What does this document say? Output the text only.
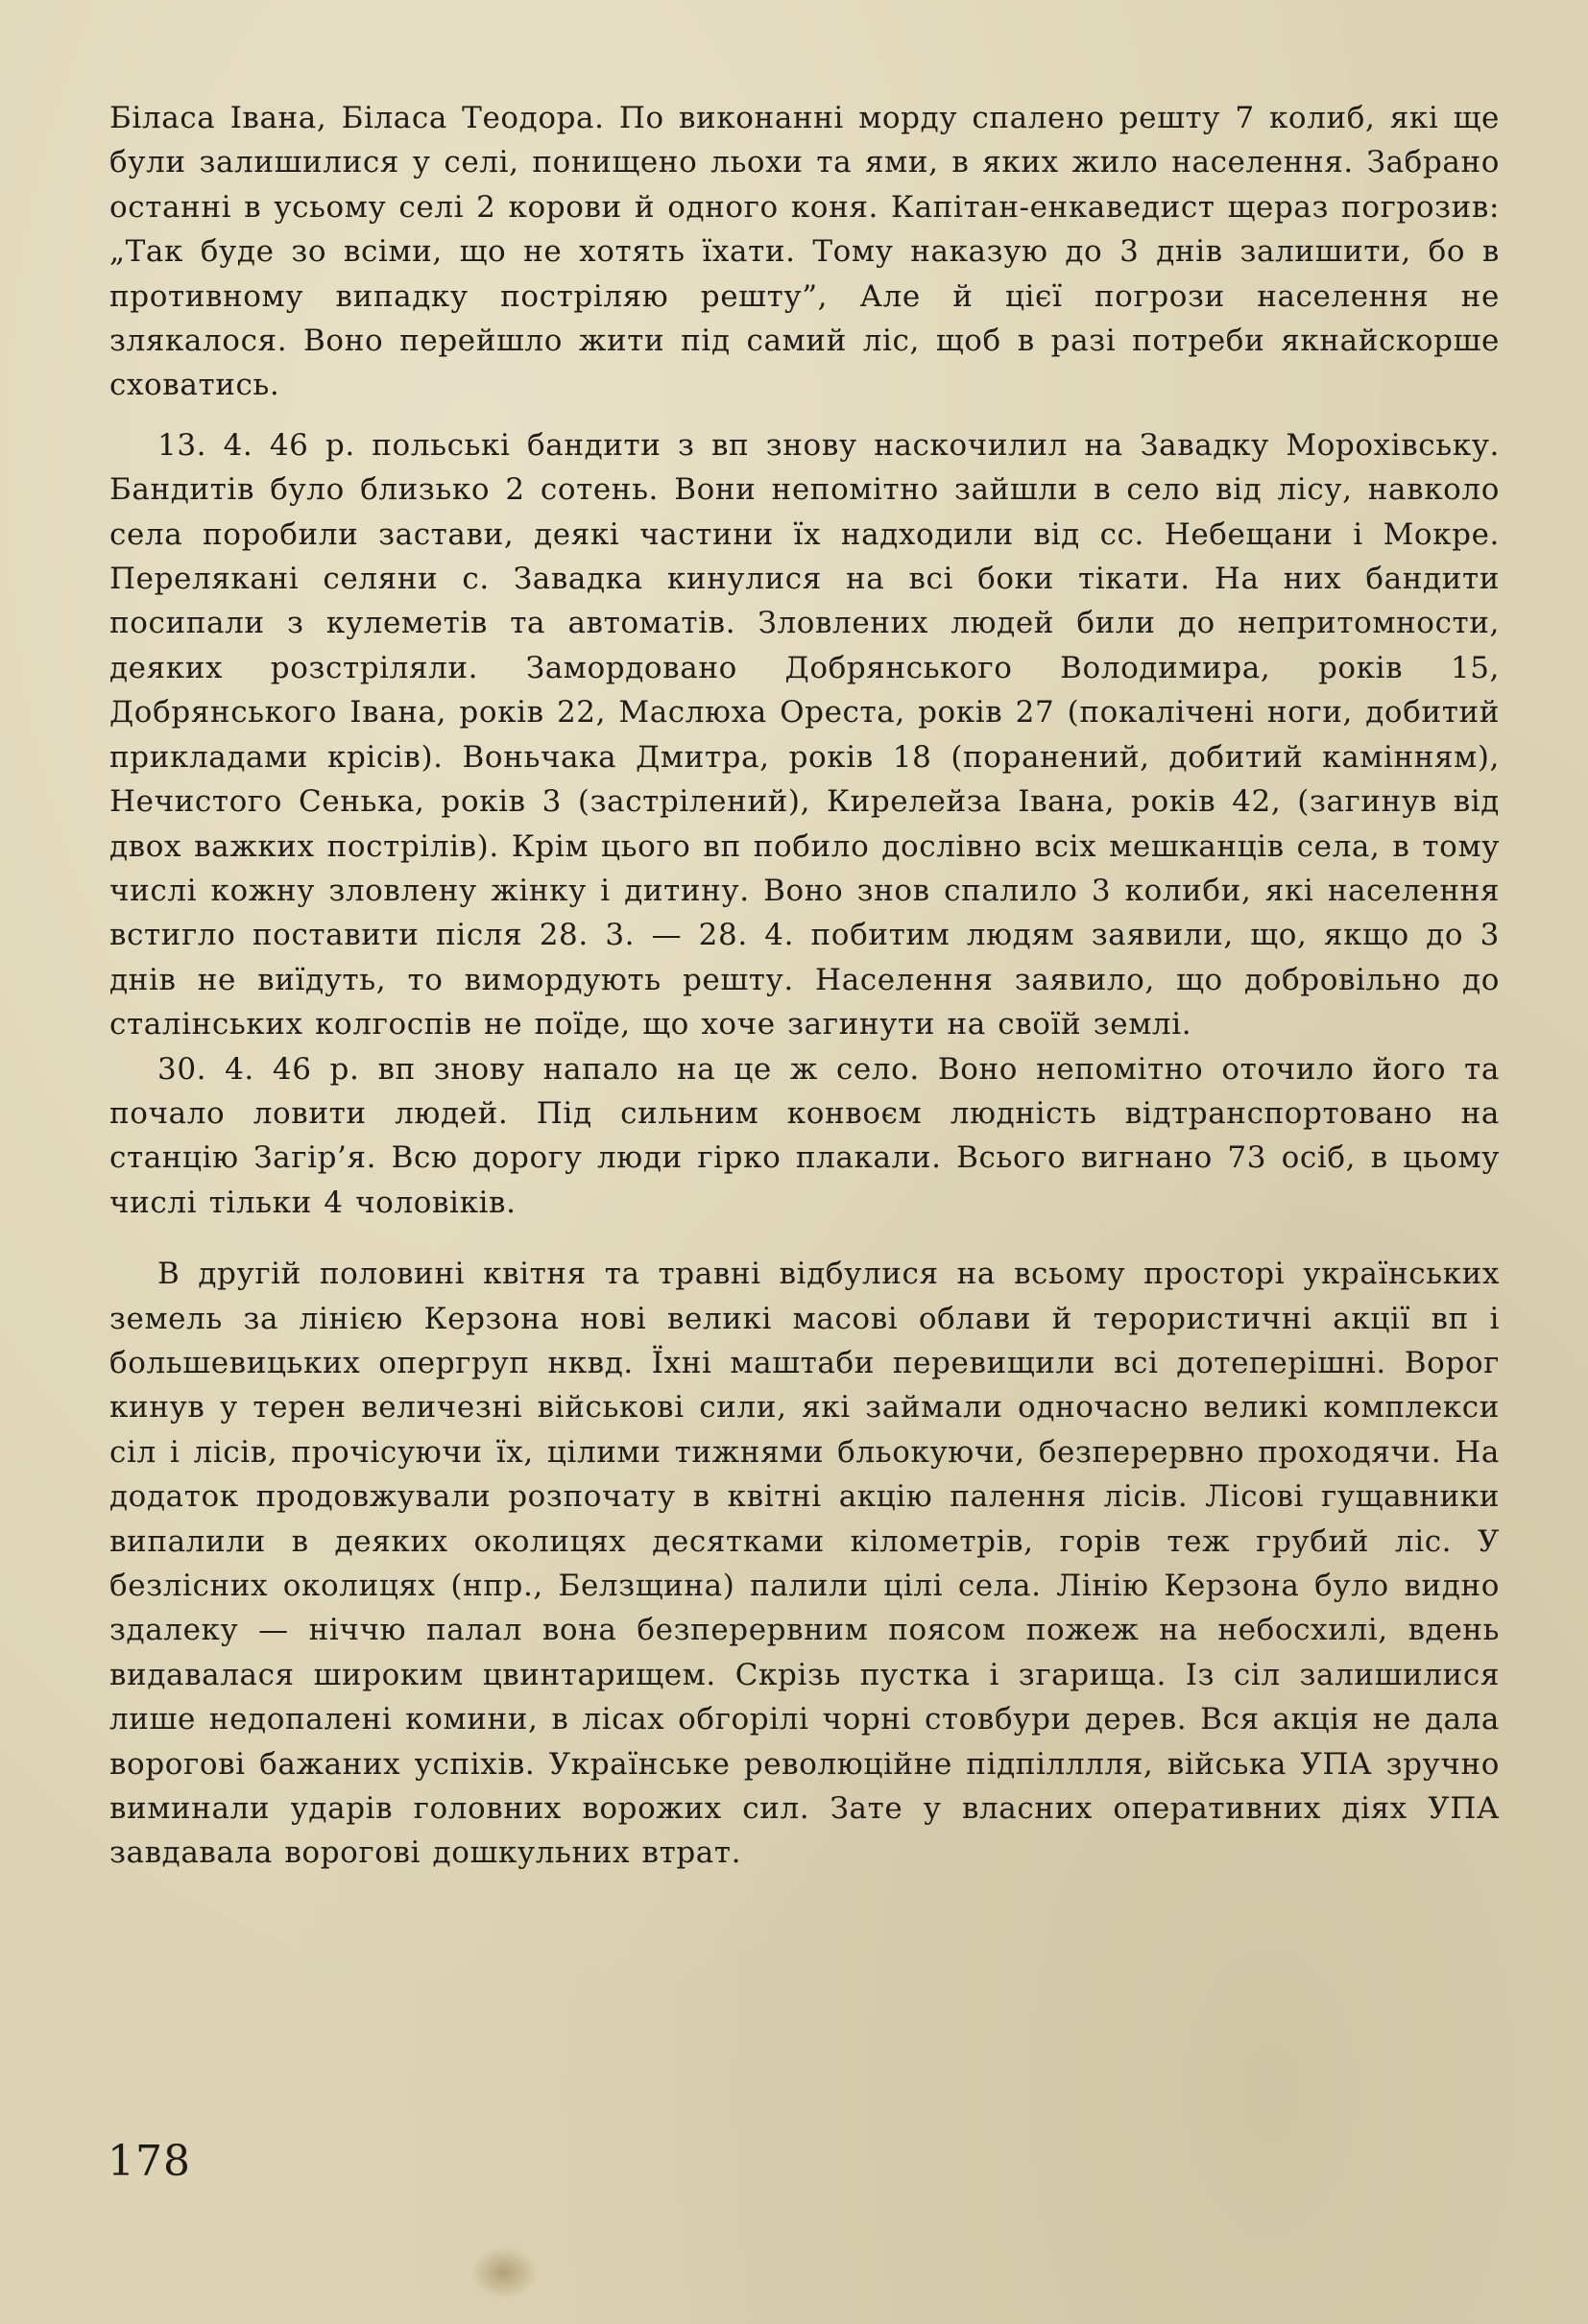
Біласа Івана, Біласа Теодора. По виконанні морду спалено решту 7 колиб, які ще були залишилися у селі, понищено льохи та ями, в яких жило населення. Забрано останні в усьому селі 2 корови й одного коня. Капітан-енкаведист щераз погрозив: „Так буде зо всіми, що не хотять їхати. Тому наказую до 3 днів залишити, бо в противному випадку постріляю решту”, Але й цієї погрози населення не злякалося. Воно перейшло жити під самий ліс, щоб в разі потреби якнайскорше сховатись.

13. 4. 46 р. польські бандити з вп знову наскочилил на Завадку Морохівську. Бандитів було близько 2 сотень. Вони непомітно зайшли в село від лісу, навколо села поробили застави, деякі частини їх надходили від сс. Небещани і Мокре. Перелякані селяни с. Завадка кинулися на всі боки тікати. На них бандити посипали з кулеметів та автоматів. Зловлених людей били до непритомности, деяких розстріляли. Замордовано Добрянського Володимира, років 15, Добрянського Івана, років 22, Маслюха Ореста, років 27 (покалічені ноги, добитий прикладами крісів). Воньчака Дмитра, років 18 (поранений, добитий камінням), Нечистого Сенька, років 3 (застрілений), Кирелейза Івана, років 42, (загинув від двох важких пострілів). Крім цього вп побило дослівно всіх мешканців села, в тому числі кожну зловлену жінку і дитину. Воно знов спалило 3 колиби, які населення встигло поставити після 28. 3. — 28. 4. побитим людям заявили, що, якщо до 3 днів не виїдуть, то вимордують решту. Населення заявило, що добровільно до сталінських колгоспів не поїде, що хоче загинути на своїй землі.

30. 4. 46 р. вп знову напало на це ж село. Воно непомітно оточило його та почало ловити людей. Під сильним конвоєм людність відтранспортовано на станцію Загір’я. Всю дорогу люди гірко плакали. Всього вигнано 73 осіб, в цьому числі тільки 4 чоловіків.

В другій половині квітня та травні відбулися на всьому просторі українських земель за лінією Керзона нові великі масові облави й терористичні акції вп і большевицьких опергруп нквд. Їхні маштаби перевищили всі дотеперішні. Ворог кинув у терен величезні військові сили, які займали одночасно великі комплекси сіл і лісів, прочісуючи їх, цілими тижнями бльокуючи, безперервно проходячи. На додаток продовжували розпочату в квітні акцію палення лісів. Лісові гущавники випалили в деяких околицях десятками кілометрів, горів теж грубий ліс. У безлісних околицях (нпр., Белзщина) палили цілі села. Лінію Керзона було видно здалеку — ніччю палал вона безперервним поясом пожеж на небосхилі, вдень видавалася широким цвинтарищем. Скрізь пустка і згарища. Із сіл залишилися лише недопалені комини, в лісах обгорілі чорні стовбури дерев. Вся акція не дала ворогові бажаних успіхів. Українське революційне підпілллля, війська УПА зручно виминали ударів головних ворожих сил. Зате у власних оперативних діях УПА завдавала ворогові дошкульних втрат.

178
